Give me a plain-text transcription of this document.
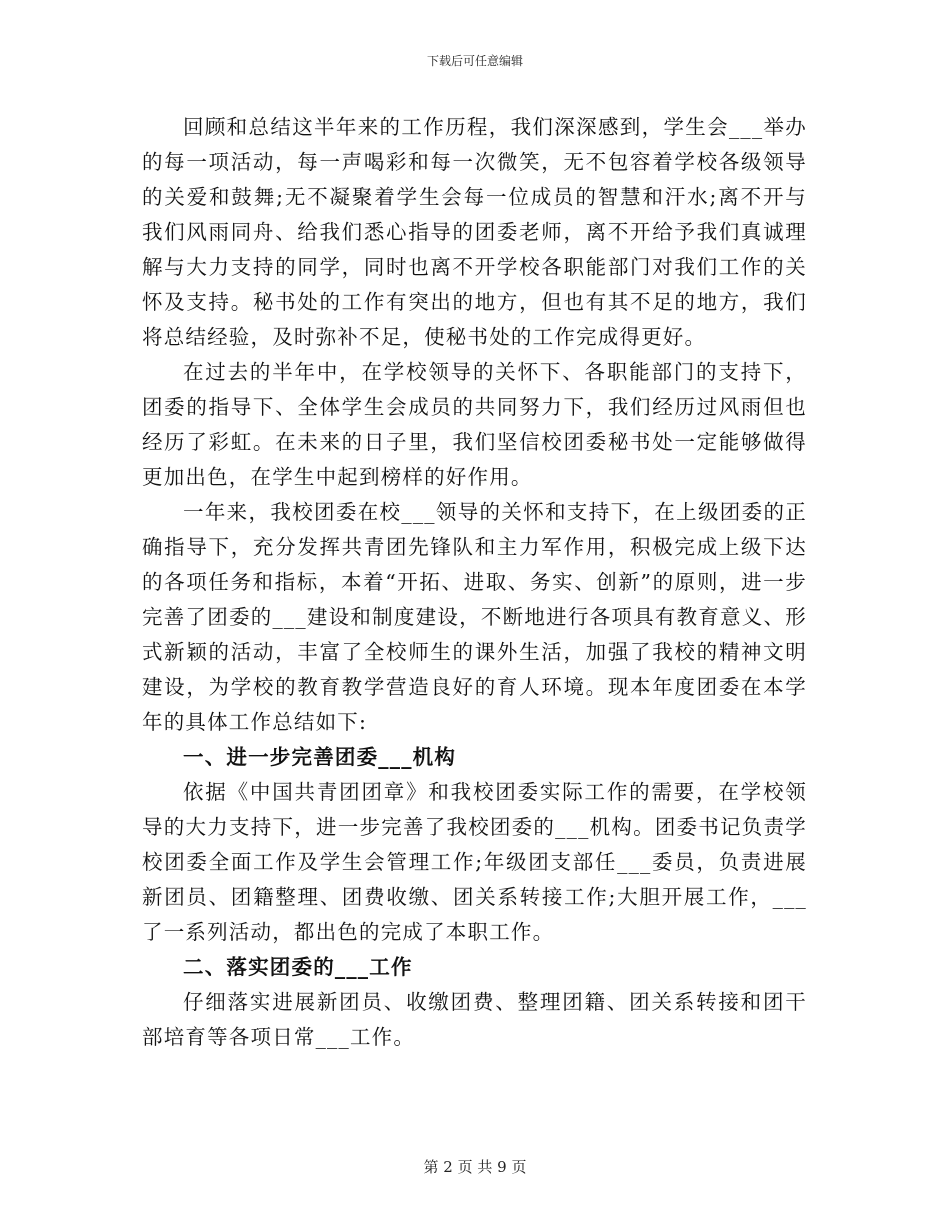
下载后可任意编辑

回顾和总结这半年来的工作历程，我们深深感到，学生会___举办的每一项活动，每一声喝彩和每一次微笑，无不包容着学校各级领导的关爱和鼓舞;无不凝聚着学生会每一位成员的智慧和汗水;离不开与我们风雨同舟、给我们悉心指导的团委老师，离不开给予我们真诚理解与大力支持的同学，同时也离不开学校各职能部门对我们工作的关怀及支持。秘书处的工作有突出的地方，但也有其不足的地方，我们将总结经验，及时弥补不足，使秘书处的工作完成得更好。

在过去的半年中，在学校领导的关怀下、各职能部门的支持下，团委的指导下、全体学生会成员的共同努力下，我们经历过风雨但也经历了彩虹。在未来的日子里，我们坚信校团委秘书处一定能够做得更加出色，在学生中起到榜样的好作用。

一年来，我校团委在校___领导的关怀和支持下，在上级团委的正确指导下，充分发挥共青团先锋队和主力军作用，积极完成上级下达的各项任务和指标，本着“开拓、进取、务实、创新”的原则，进一步完善了团委的___建设和制度建设，不断地进行各项具有教育意义、形式新颖的活动，丰富了全校师生的课外生活，加强了我校的精神文明建设，为学校的教育教学营造良好的育人环境。现本年度团委在本学年的具体工作总结如下:

一、进一步完善团委___机构

依据《中国共青团团章》和我校团委实际工作的需要，在学校领导的大力支持下，进一步完善了我校团委的___机构。团委书记负责学校团委全面工作及学生会管理工作;年级团支部任___委员，负责进展新团员、团籍整理、团费收缴、团关系转接工作;大胆开展工作，___了一系列活动，都出色的完成了本职工作。

二、落实团委的___工作

仔细落实进展新团员、收缴团费、整理团籍、团关系转接和团干部培育等各项日常___工作。

第 2 页 共 9 页
